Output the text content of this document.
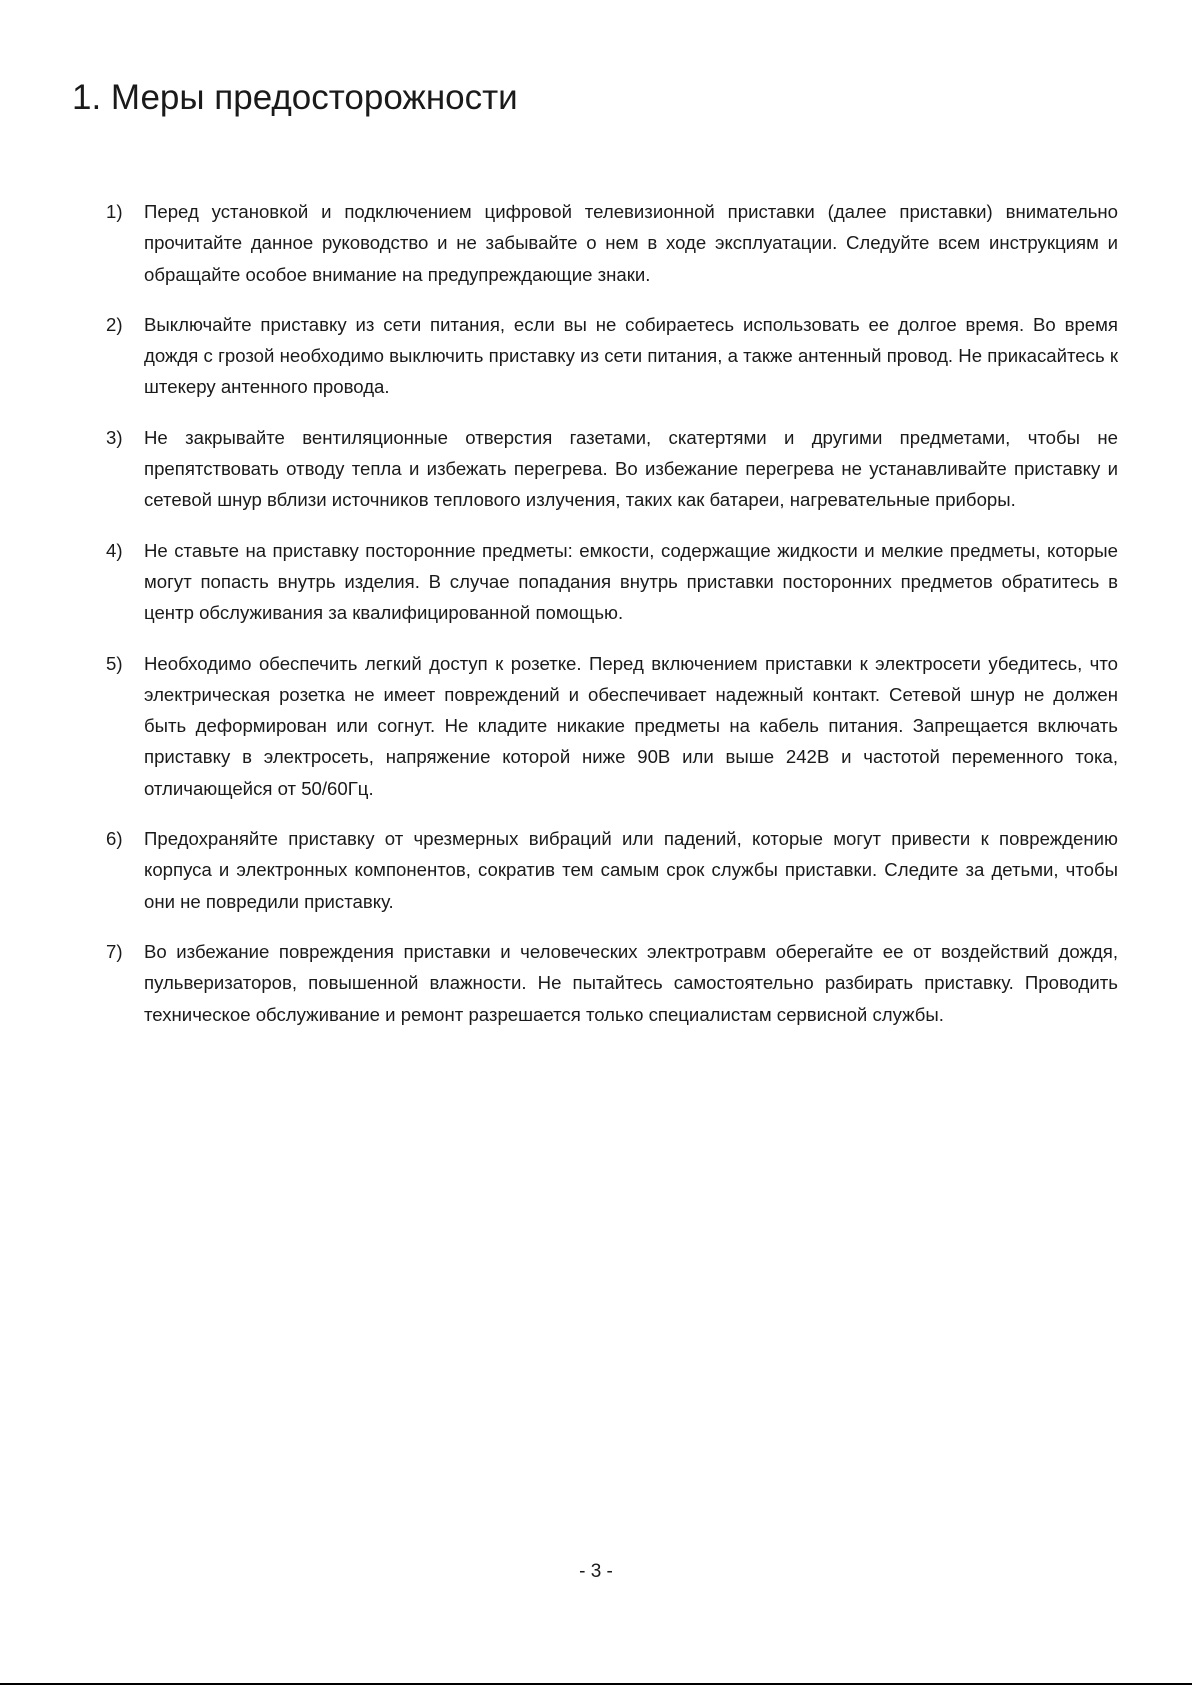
1. Меры предосторожности
1)	Перед установкой и подключением цифровой телевизионной приставки (далее приставки) внимательно прочитайте данное руководство и не забывайте о нем в ходе эксплуатации. Следуйте всем инструкциям и обращайте особое внимание на предупреждающие знаки.
2)	Выключайте приставку из сети питания, если вы не собираетесь использовать ее долгое время. Во время дождя с грозой необходимо выключить приставку из сети питания, а также антенный провод. Не прикасайтесь к штекеру антенного провода.
3)	Не закрывайте вентиляционные отверстия газетами, скатертями и другими предметами, чтобы не препятствовать отводу тепла и избежать перегрева. Во избежание перегрева не устанавливайте приставку и сетевой шнур вблизи источников теплового излучения, таких как батареи, нагревательные приборы.
4)	Не ставьте на приставку посторонние предметы: емкости, содержащие жидкости и мелкие предметы, которые могут попасть внутрь изделия. В случае попадания внутрь приставки посторонних предметов обратитесь в центр обслуживания за квалифицированной помощью.
5)	Необходимо обеспечить легкий доступ к розетке. Перед включением приставки к электросети убедитесь, что электрическая розетка не имеет повреждений и обеспечивает надежный контакт. Сетевой шнур не должен быть деформирован или согнут. Не кладите никакие предметы на кабель питания. Запрещается включать приставку в электросеть, напряжение которой ниже 90В или выше 242В и частотой переменного тока, отличающейся от 50/60Гц.
6)	Предохраняйте приставку от чрезмерных вибраций или падений, которые могут привести к повреждению корпуса и электронных компонентов, сократив тем самым срок службы приставки. Следите за детьми, чтобы они не повредили приставку.
7)	Во избежание повреждения приставки и человеческих электротравм оберегайте ее от воздействий дождя, пульверизаторов, повышенной влажности. Не пытайтесь самостоятельно разбирать приставку. Проводить техническое обслуживание и ремонт разрешается только специалистам сервисной службы.
- 3 -
